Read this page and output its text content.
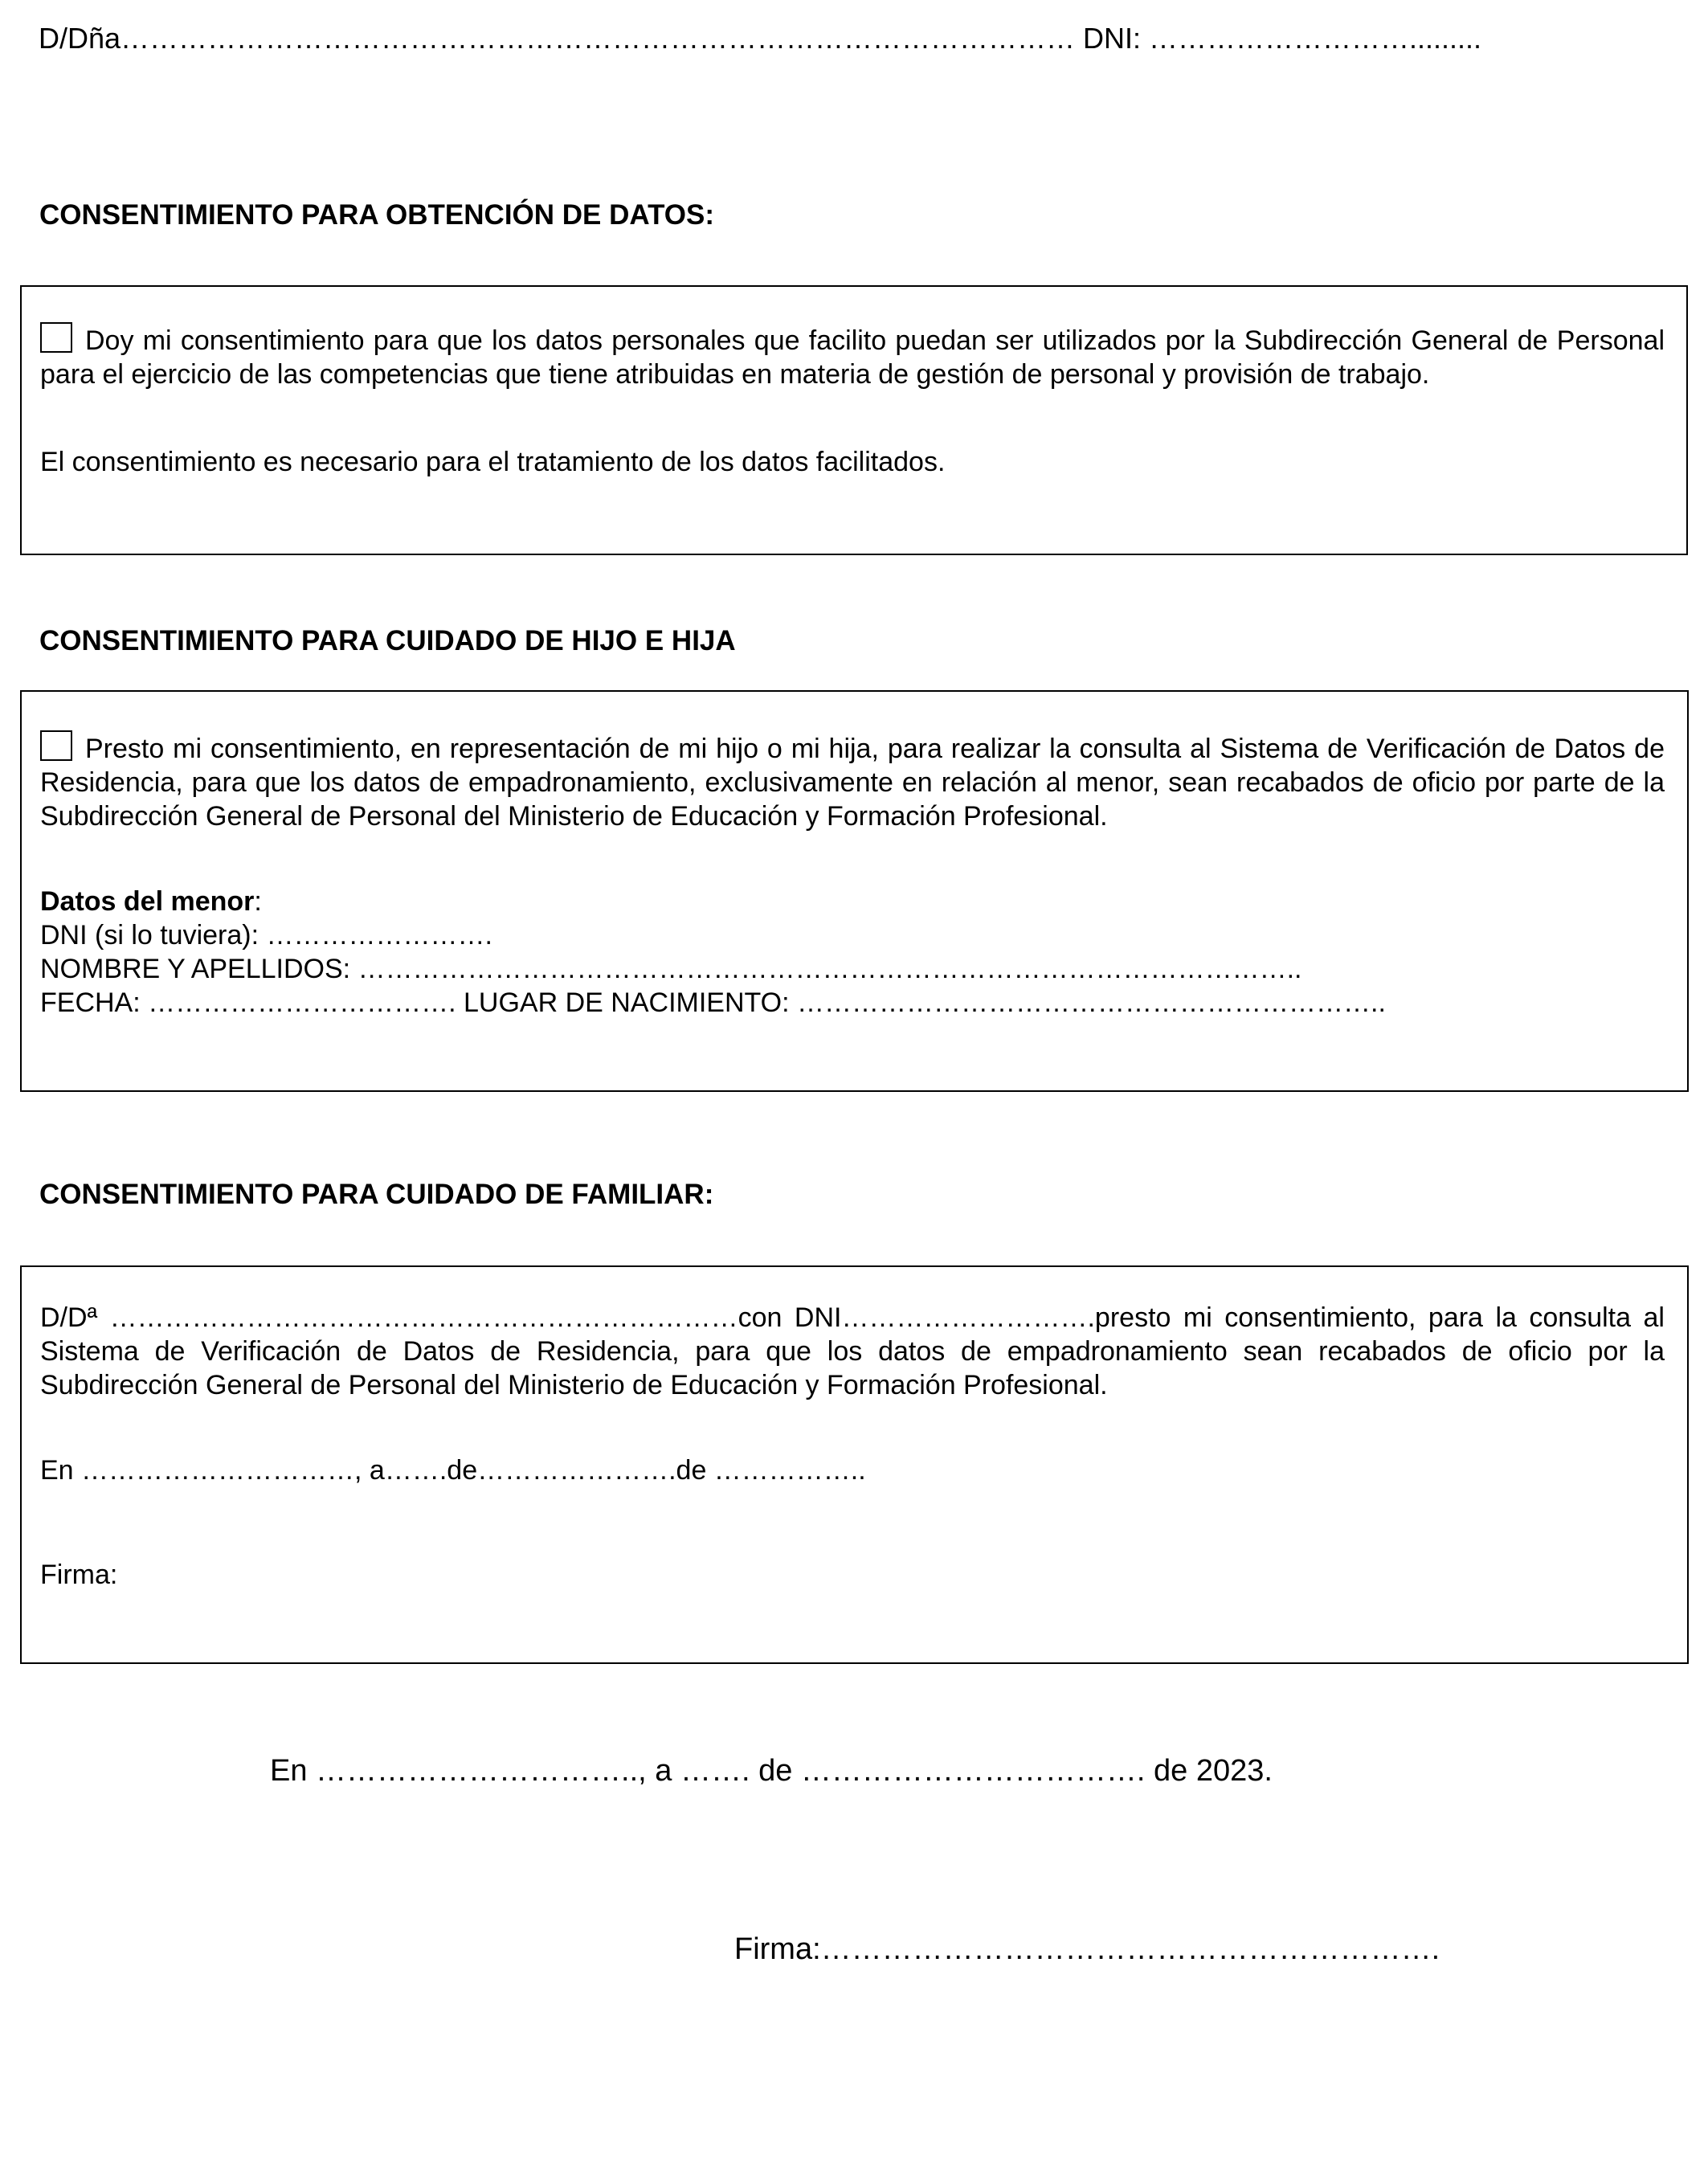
D/Dña……………………………………………………………………………………… DNI: ……………………….........
CONSENTIMIENTO PARA OBTENCIÓN DE DATOS:
Doy mi consentimiento para que los datos personales que facilito puedan ser utilizados por la Subdirección General de Personal para el ejercicio de las competencias que tiene atribuidas en materia de gestión de personal y provisión de trabajo.
El consentimiento es necesario para el tratamiento de los datos facilitados.
CONSENTIMIENTO PARA CUIDADO DE HIJO E HIJA
Presto mi consentimiento, en representación de mi hijo o mi hija, para realizar la consulta al Sistema de Verificación de Datos de Residencia, para que los datos de empadronamiento, exclusivamente en relación al menor, sean recabados de oficio por parte de la Subdirección General de Personal del Ministerio de Educación y Formación Profesional.
Datos del menor:
DNI (si lo tuviera): …………………….
NOMBRE Y APELLIDOS: …………………………………………………………………………………………..
FECHA: ……………………………. LUGAR DE NACIMIENTO: ………………………………………………………..
CONSENTIMIENTO PARA CUIDADO DE FAMILIAR:
D/Dª ……………………………………………………………con DNI……………………….presto mi consentimiento, para la consulta al Sistema de Verificación de Datos de Residencia, para que los datos de empadronamiento sean recabados de oficio por la Subdirección General de Personal del Ministerio de Educación y Formación Profesional.
En …………………………, a…….de………………….de ……………..
Firma:
En ………………………….., a ……. de ……………………………. de 2023.
Firma:…………………………………………………….
